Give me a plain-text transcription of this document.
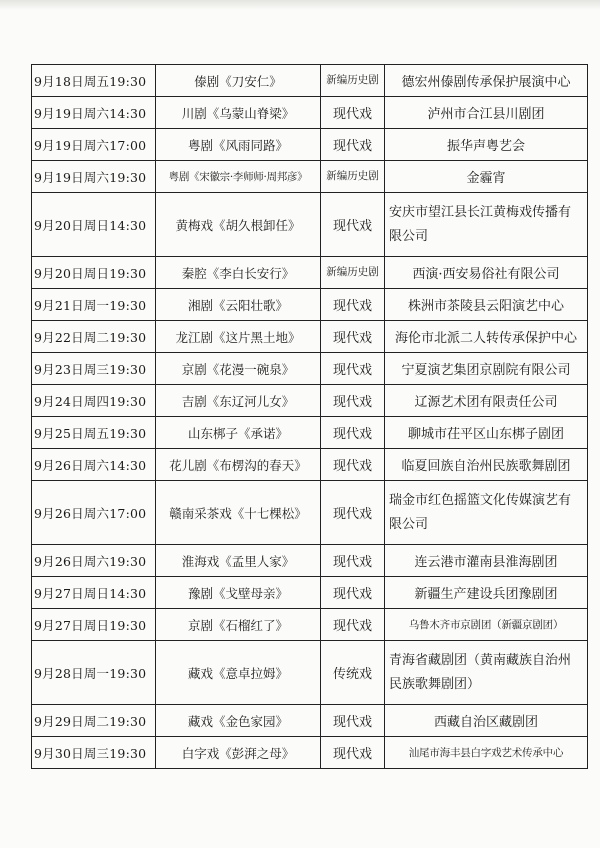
9月18日周五19:30	傣剧《刀安仁》	新编历史剧	德宏州傣剧传承保护展演中心
9月19日周六14:30	川剧《乌蒙山脊梁》	现代戏	泸州市合江县川剧团
9月19日周六17:00	粤剧《风雨同路》	现代戏	振华声粤艺会
9月19日周六19:30	粤剧《宋徽宗·李师师·周邦彦》	新编历史剧	金霾宵
9月20日周日14:30	黄梅戏《胡久根卸任》	现代戏	安庆市望江县长江黄梅戏传播有限公司
9月20日周日19:30	秦腔《李白长安行》	新编历史剧	西演·西安易俗社有限公司
9月21日周一19:30	湘剧《云阳壮歌》	现代戏	株洲市茶陵县云阳演艺中心
9月22日周二19:30	龙江剧《这片黑土地》	现代戏	海伦市北派二人转传承保护中心
9月23日周三19:30	京剧《花漫一碗泉》	现代戏	宁夏演艺集团京剧院有限公司
9月24日周四19:30	吉剧《东辽河儿女》	现代戏	辽源艺术团有限责任公司
9月25日周五19:30	山东梆子《承诺》	现代戏	聊城市茌平区山东梆子剧团
9月26日周六14:30	花儿剧《布楞沟的春天》	现代戏	临夏回族自治州民族歌舞剧团
9月26日周六17:00	赣南采茶戏《十七棵松》	现代戏	瑞金市红色摇篮文化传媒演艺有限公司
9月26日周六19:30	淮海戏《孟里人家》	现代戏	连云港市灌南县淮海剧团
9月27日周日14:30	豫剧《戈壁母亲》	现代戏	新疆生产建设兵团豫剧团
9月27日周日19:30	京剧《石榴红了》	现代戏	乌鲁木齐市京剧团（新疆京剧团）
9月28日周一19:30	藏戏《意卓拉姆》	传统戏	青海省藏剧团（黄南藏族自治州民族歌舞剧团）
9月29日周二19:30	藏戏《金色家园》	现代戏	西藏自治区藏剧团
9月30日周三19:30	白字戏《彭湃之母》	现代戏	汕尾市海丰县白字戏艺术传承中心
